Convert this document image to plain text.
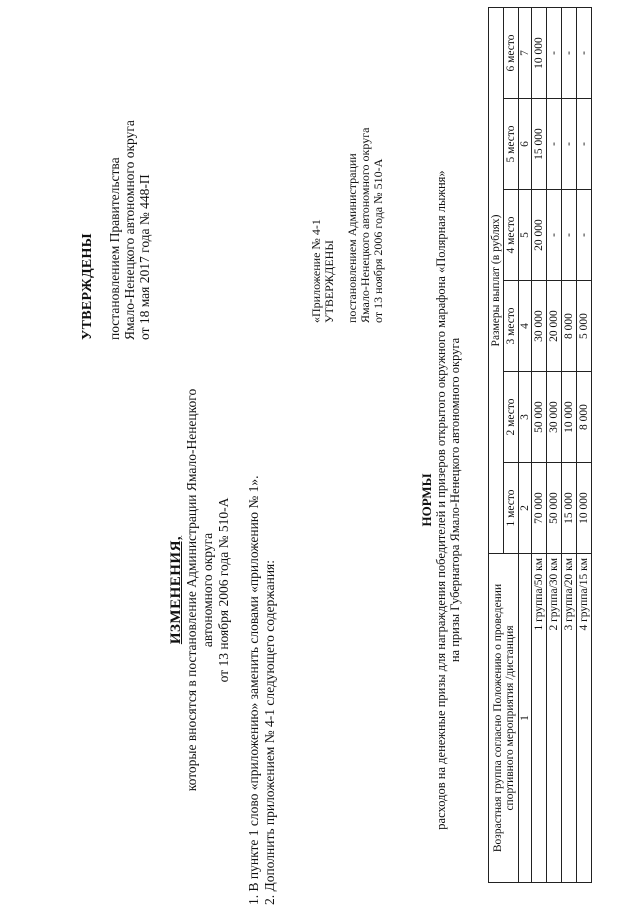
УТВЕРЖДЕНЫ постановлением Правительства Ямало-Ненецкого автономного округа от 18 мая 2017 года № 448-П
ИЗМЕНЕНИЯ, которые вносятся в постановление Администрации Ямало-Ненецкого автономного округа от 13 ноября 2006 года № 510-А 1. В пункте 1 слово «приложению» заменить словами «приложению № 1». 2. Дополнить приложением № 4-1 следующего содержания:
«Приложение № 4-1 УТВЕРЖДЕНЫ постановлением Администрации Ямало-Ненецкого автономного округа от 13 ноября 2006 года № 510-А
НОРМЫ расходов на денежные призы для награждения победителей и призеров открытого окружного марафона «Полярная лыжня» на призы Губернатора Ямало-Ненецкого автономного округа
Возрастная группа согласно Положению о проведении спортивного мероприятия /дистанция	Размеры выплат (в рублях)					
	1 место	2 место	3 место	4 место	5 место	6 место
1	2	3	4	5	6	7
1 группа/50 км	70 000	50 000	30 000	20 000	15 000	10 000
2 группа/30 км	50 000	30 000	20 000	-	-	-
3 группа/20 км	15 000	10 000	8 000	-	-	-
4 группа/15 км	10 000	8 000	5 000	-	-	-
